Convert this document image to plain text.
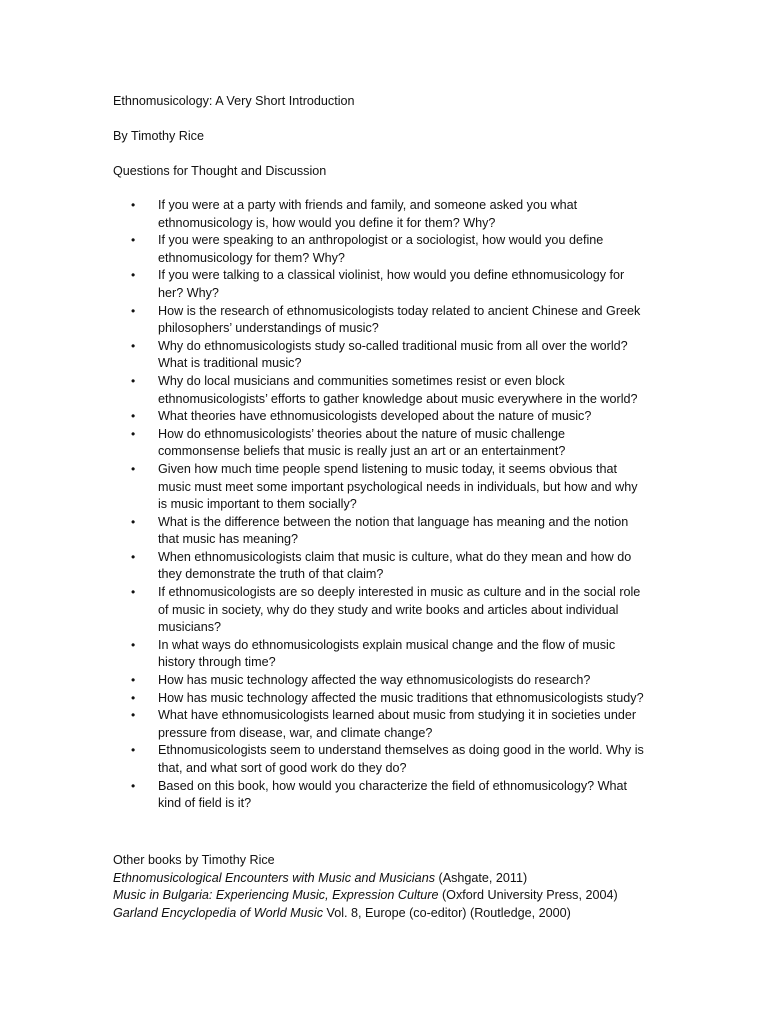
Ethnomusicology: A Very Short Introduction
By Timothy Rice
Questions for Thought and Discussion
• If you were at a party with friends and family, and someone asked you what
ethnomusicology is, how would you define it for them? Why?
• If you were speaking to an anthropologist or a sociologist, how would you define
ethnomusicology for them? Why?
• If you were talking to a classical violinist, how would you define ethnomusicology for
her? Why?
• How is the research of ethnomusicologists today related to ancient Chinese and Greek
philosophers’ understandings of music?
• Why do ethnomusicologists study so-called traditional music from all over the world?
What is traditional music?
• Why do local musicians and communities sometimes resist or even block
ethnomusicologists’ efforts to gather knowledge about music everywhere in the world?
• What theories have ethnomusicologists developed about the nature of music?
• How do ethnomusicologists’ theories about the nature of music challenge
commonsense beliefs that music is really just an art or an entertainment?
• Given how much time people spend listening to music today, it seems obvious that
music must meet some important psychological needs in individuals, but how and why
is music important to them socially?
• What is the difference between the notion that language has meaning and the notion
that music has meaning?
• When ethnomusicologists claim that music is culture, what do they mean and how do
they demonstrate the truth of that claim?
• If ethnomusicologists are so deeply interested in music as culture and in the social role
of music in society, why do they study and write books and articles about individual
musicians?
• In what ways do ethnomusicologists explain musical change and the flow of music
history through time?
• How has music technology affected the way ethnomusicologists do research?
• How has music technology affected the music traditions that ethnomusicologists study?
• What have ethnomusicologists learned about music from studying it in societies under
pressure from disease, war, and climate change?
• Ethnomusicologists seem to understand themselves as doing good in the world. Why is
that, and what sort of good work do they do?
• Based on this book, how would you characterize the field of ethnomusicology? What
kind of field is it?
Other books by Timothy Rice
Ethnomusicological Encounters with Music and Musicians (Ashgate, 2011)
Music in Bulgaria: Experiencing Music, Expression Culture (Oxford University Press, 2004)
Garland Encyclopedia of World Music Vol. 8, Europe (co-editor) (Routledge, 2000)
